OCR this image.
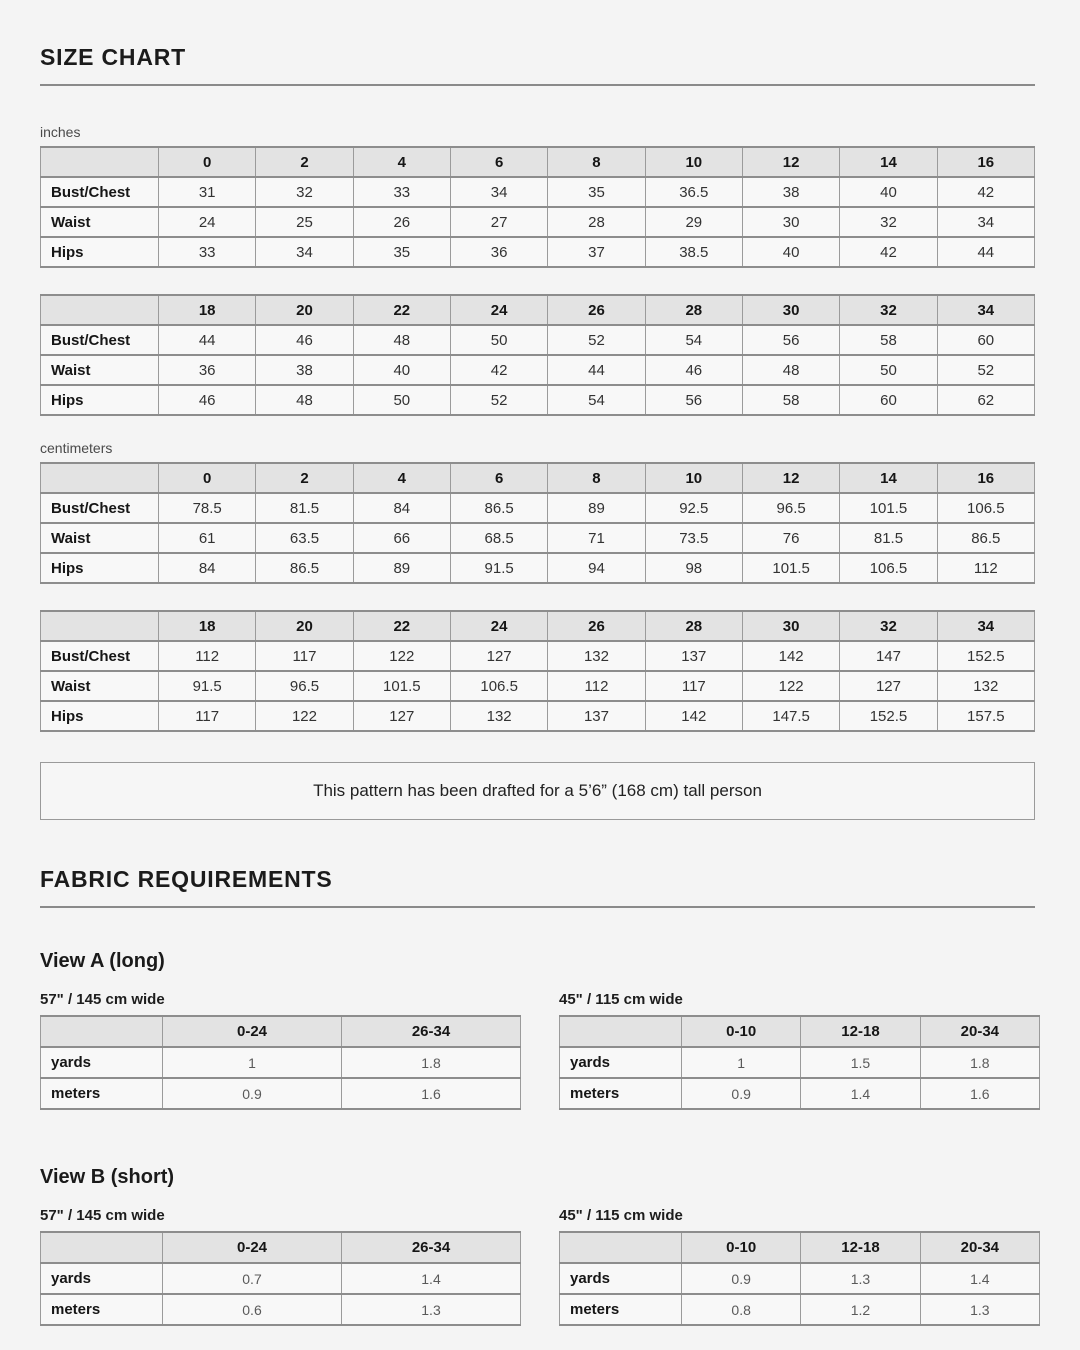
SIZE CHART
inches
	0	2	4	6	8	10	12	14	16
Bust/Chest	31	32	33	34	35	36.5	38	40	42
Waist	24	25	26	27	28	29	30	32	34
Hips	33	34	35	36	37	38.5	40	42	44
	18	20	22	24	26	28	30	32	34
Bust/Chest	44	46	48	50	52	54	56	58	60
Waist	36	38	40	42	44	46	48	50	52
Hips	46	48	50	52	54	56	58	60	62
centimeters
	0	2	4	6	8	10	12	14	16
Bust/Chest	78.5	81.5	84	86.5	89	92.5	96.5	101.5	106.5
Waist	61	63.5	66	68.5	71	73.5	76	81.5	86.5
Hips	84	86.5	89	91.5	94	98	101.5	106.5	112
	18	20	22	24	26	28	30	32	34
Bust/Chest	112	117	122	127	132	137	142	147	152.5
Waist	91.5	96.5	101.5	106.5	112	117	122	127	132
Hips	117	122	127	132	137	142	147.5	152.5	157.5
This pattern has been drafted for a 5’6” (168 cm) tall person
FABRIC REQUIREMENTS
View A (long)
57" / 145 cm wide
	0-24	26-34
yards	1	1.8
meters	0.9	1.6
45" / 115 cm wide
	0-10	12-18	20-34
yards	1	1.5	1.8
meters	0.9	1.4	1.6
View B (short)
57" / 145 cm wide
	0-24	26-34
yards	0.7	1.4
meters	0.6	1.3
45" / 115 cm wide
	0-10	12-18	20-34
yards	0.9	1.3	1.4
meters	0.8	1.2	1.3
